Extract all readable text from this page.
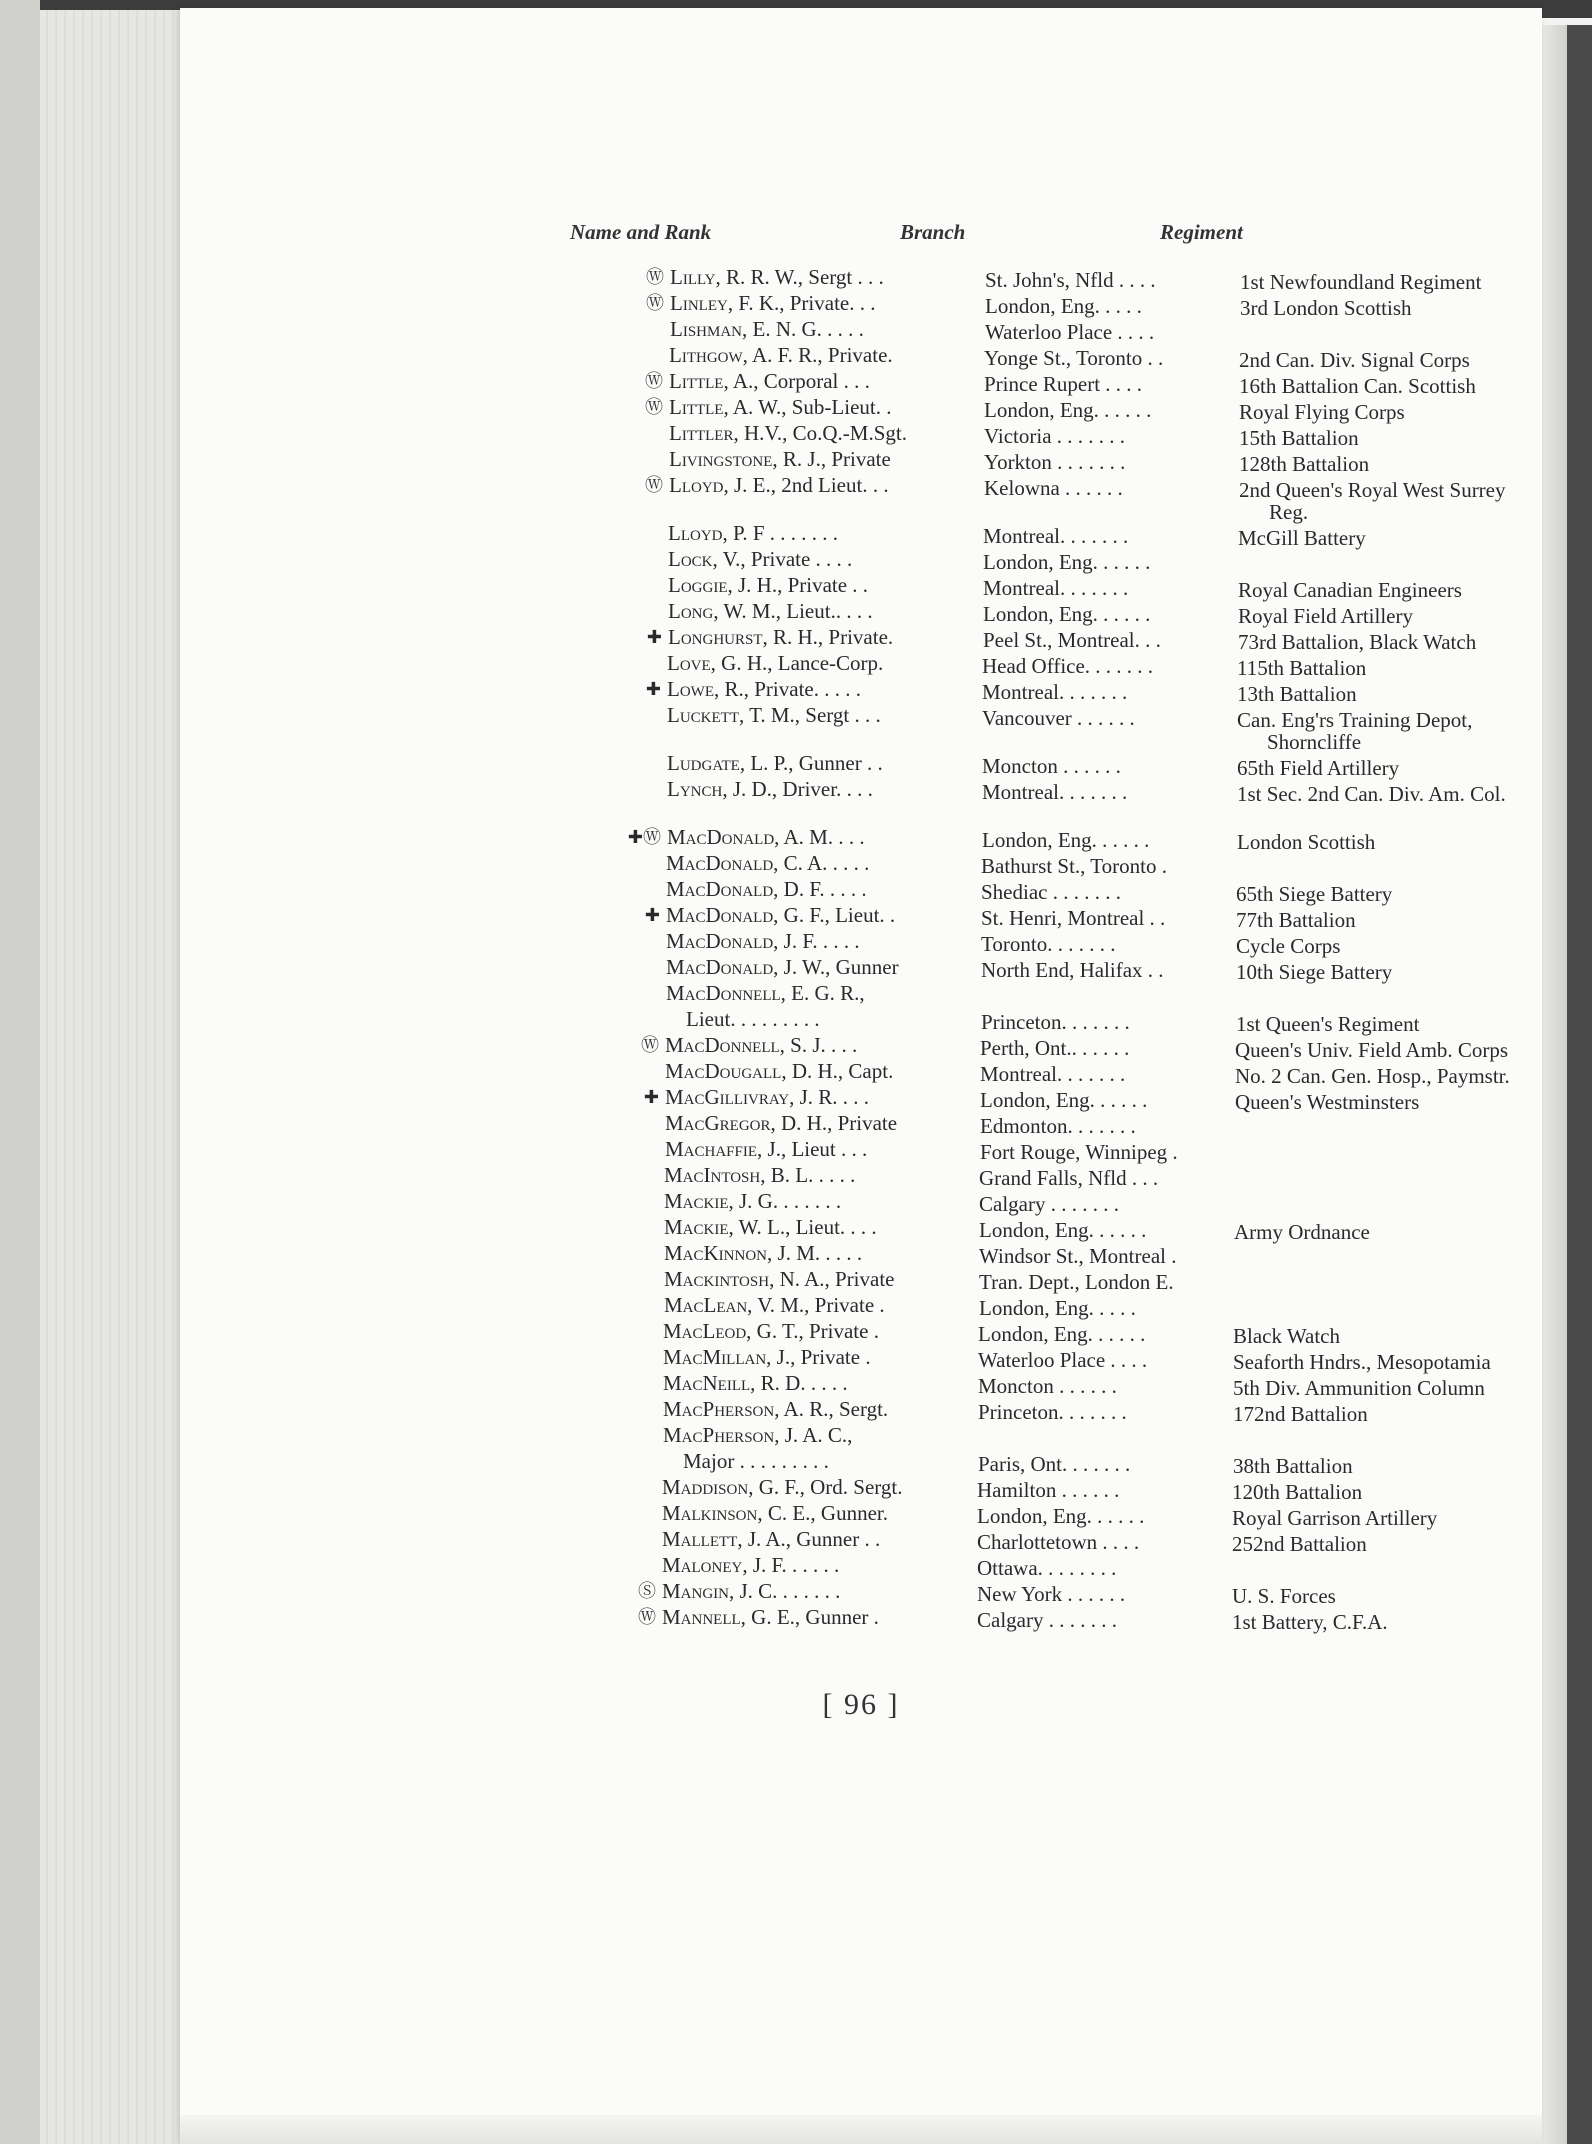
Name and Rank	Branch	Regiment
Ⓦ Lilly, R. R. W., Sergt . . .	St. John's, Nfld . . . .	1st Newfoundland Regiment
Ⓦ Linley, F. K., Private. . .	London, Eng. . . . .	3rd London Scottish
Lishman, E. N. G. . . . .	Waterloo Place . . . .
Lithgow, A. F. R., Private.	Yonge St., Toronto . .	2nd Can. Div. Signal Corps
Ⓦ Little, A., Corporal . . .	Prince Rupert . . . .	16th Battalion Can. Scottish
Ⓦ Little, A. W., Sub-Lieut. .	London, Eng. . . . . .	Royal Flying Corps
Littler, H.V., Co.Q.-M.Sgt.	Victoria . . . . . . .	15th Battalion
Livingstone, R. J., Private	Yorkton . . . . . . .	128th Battalion
Ⓦ Lloyd, J. E., 2nd Lieut. . .	Kelowna . . . . . .	2nd Queen's Royal West Surrey
Reg.
Lloyd, P. F . . . . . . .	Montreal. . . . . . .	McGill Battery
Lock, V., Private . . . .	London, Eng. . . . . .
Loggie, J. H., Private . .	Montreal. . . . . . .	Royal Canadian Engineers
Long, W. M., Lieut.. . . .	London, Eng. . . . . .	Royal Field Artillery
✚ Longhurst, R. H., Private.	Peel St., Montreal. . .	73rd Battalion, Black Watch
Love, G. H., Lance-Corp.	Head Office. . . . . . .	115th Battalion
✚ Lowe, R., Private. . . . .	Montreal. . . . . . .	13th Battalion
Luckett, T. M., Sergt . . .	Vancouver . . . . . .	Can. Eng'rs Training Depot,
Shorncliffe
Ludgate, L. P., Gunner . .	Moncton . . . . . .	65th Field Artillery
Lynch, J. D., Driver. . . .	Montreal. . . . . . .	1st Sec. 2nd Can. Div. Am. Col.
✚Ⓦ MacDonald, A. M. . . .	London, Eng. . . . . .	London Scottish
MacDonald, C. A. . . . .	Bathurst St., Toronto .
MacDonald, D. F. . . . .	Shediac . . . . . . .	65th Siege Battery
✚ MacDonald, G. F., Lieut. .	St. Henri, Montreal . .	77th Battalion
MacDonald, J. F. . . . .	Toronto. . . . . . .	Cycle Corps
MacDonald, J. W., Gunner	North End, Halifax . .	10th Siege Battery
MacDonnell, E. G. R.,
Lieut. . . . . . . . .	Princeton. . . . . . .	1st Queen's Regiment
Ⓦ MacDonnell, S. J. . . .	Perth, Ont.. . . . . .	Queen's Univ. Field Amb. Corps
MacDougall, D. H., Capt.	Montreal. . . . . . .	No. 2 Can. Gen. Hosp., Paymstr.
✚ MacGillivray, J. R. . . .	London, Eng. . . . . .	Queen's Westminsters
MacGregor, D. H., Private	Edmonton. . . . . . .
Machaffie, J., Lieut . . .	Fort Rouge, Winnipeg .
MacIntosh, B. L. . . . .	Grand Falls, Nfld . . .
Mackie, J. G. . . . . . .	Calgary . . . . . . .
Mackie, W. L., Lieut. . . .	London, Eng. . . . . .	Army Ordnance
MacKinnon, J. M. . . . .	Windsor St., Montreal .
Mackintosh, N. A., Private	Tran. Dept., London E.
MacLean, V. M., Private .	London, Eng. . . . .
MacLeod, G. T., Private .	London, Eng. . . . . .	Black Watch
MacMillan, J., Private .	Waterloo Place . . . .	Seaforth Hndrs., Mesopotamia
MacNeill, R. D. . . . .	Moncton . . . . . .	5th Div. Ammunition Column
MacPherson, A. R., Sergt.	Princeton. . . . . . .	172nd Battalion
MacPherson, J. A. C.,
Major . . . . . . . . .	Paris, Ont. . . . . . .	38th Battalion
Maddison, G. F., Ord. Sergt.	Hamilton . . . . . .	120th Battalion
Malkinson, C. E., Gunner.	London, Eng. . . . . .	Royal Garrison Artillery
Mallett, J. A., Gunner . .	Charlottetown . . . .	252nd Battalion
Maloney, J. F. . . . . .	Ottawa. . . . . . . .
Ⓢ Mangin, J. C. . . . . . .	New York . . . . . .	U. S. Forces
Ⓦ Mannell, G. E., Gunner .	Calgary . . . . . . .	1st Battery, C.F.A.
[ 96 ]
